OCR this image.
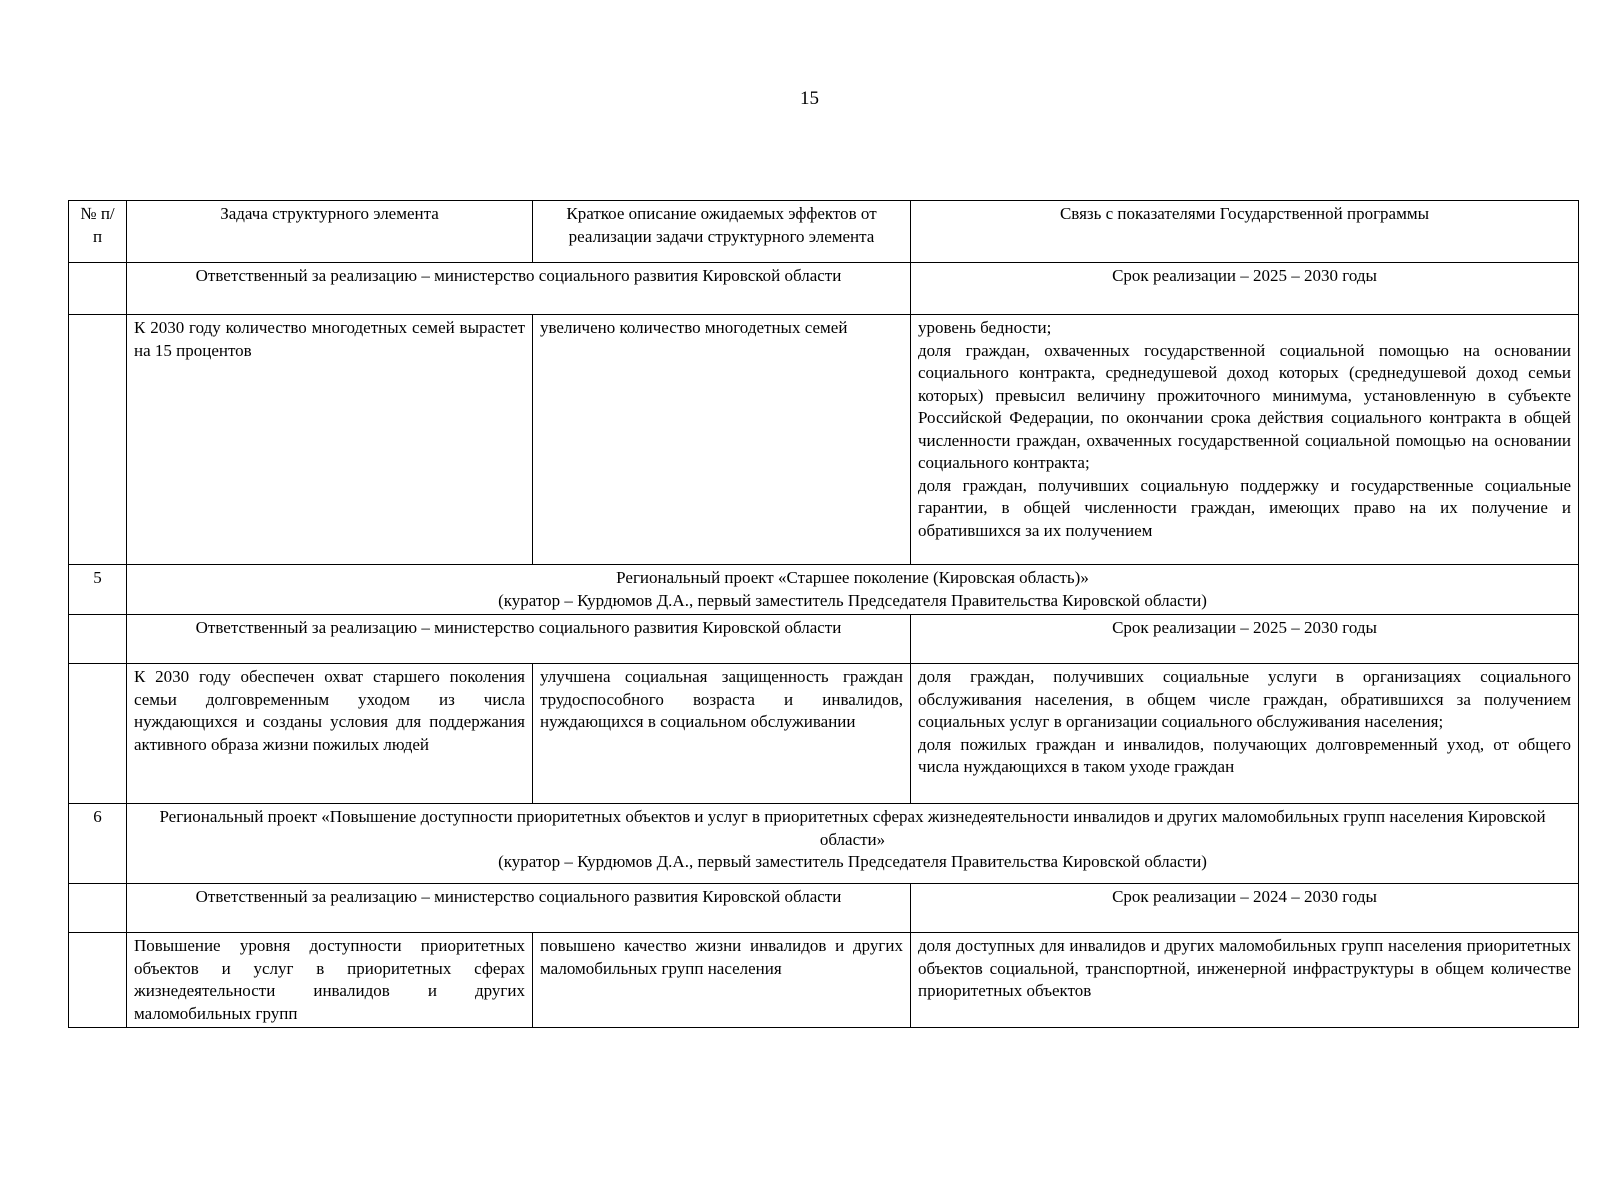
15
№ п/п	Задача структурного элемента	Краткое описание ожидаемых эффектов от реализации задачи структурного элемента	Связь с показателями Государственной программы
	Ответственный за реализацию – министерство социального развития Кировской области		Срок реализации – 2025 – 2030 годы
	К 2030 году количество многодетных семей вырастет на 15 процентов	увеличено количество многодетных семей	уровень бедности;
доля граждан, охваченных государственной социальной помощью на основании социального контракта, среднедушевой доход которых (среднедушевой доход семьи которых) превысил величину прожиточного минимума, установленную в субъекте Российской Федерации, по окончании срока действия социального контракта в общей численности граждан, охваченных государственной социальной помощью на основании социального контракта;
доля граждан, получивших социальную поддержку и государственные социальные гарантии, в общей численности граждан, имеющих право на их получение и обратившихся за их получением

5	Региональный проект «Старшее поколение (Кировская область)»
(куратор – Курдюмов Д.А., первый заместитель Председателя Правительства Кировской области)		

	Ответственный за реализацию – министерство социального развития Кировской области		Срок реализации – 2025 – 2030 годы
	К 2030 году обеспечен охват старшего поколения семьи долговременным уходом из числа нуждающихся и созданы условия для поддержания активного образа жизни пожилых людей	улучшена социальная защищенность граждан трудоспособного возраста и инвалидов, нуждающихся в социальном обслуживании	доля граждан, получивших социальные услуги в организациях социального обслуживания населения, в общем числе граждан, обратившихся за получением социальных услуг в организации социального обслуживания населения;
доля пожилых граждан и инвалидов, получающих долговременный уход, от общего числа нуждающихся в таком уходе граждан

6	Региональный проект «Повышение доступности приоритетных объектов и услуг в приоритетных сферах жизнедеятельности инвалидов и других маломобильных групп населения Кировской области»
(куратор – Курдюмов Д.А., первый заместитель Председателя Правительства Кировской области)		

	Ответственный за реализацию – министерство социального развития Кировской области		Срок реализации – 2024 – 2030 годы
	Повышение уровня доступности приоритетных объектов и услуг в приоритетных сферах жизнедеятельности инвалидов и других маломобильных групп	повышено качество жизни инвалидов и других маломобильных групп населения	доля доступных для инвалидов и других маломобильных групп населения приоритетных объектов социальной, транспортной, инженерной инфраструктуры в общем количестве приоритетных объектов
